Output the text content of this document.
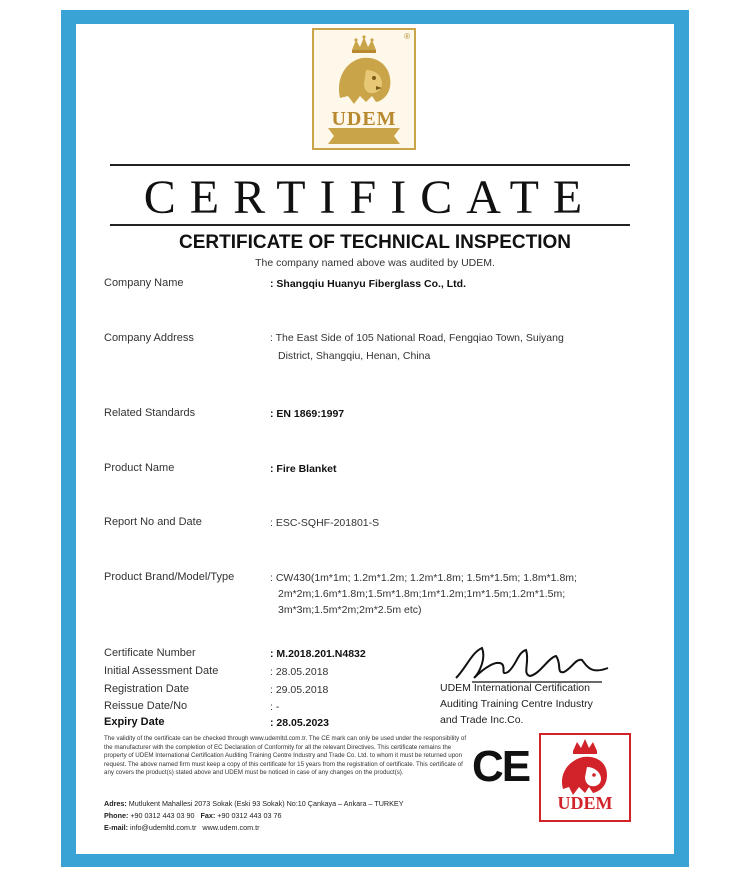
UDEM
®
CERTIFICATE
CERTIFICATE OF TECHNICAL INSPECTION
The company named above was audited by UDEM.
Company Name	: Shangqiu Huanyu Fiberglass Co., Ltd.
Company Address	: The East Side of 105 National Road, Fengqiao Town, Suiyang
District, Shangqiu, Henan, China
Related Standards	: EN 1869:1997
Product Name	: Fire Blanket
Report No and Date	: ESC-SQHF-201801-S
Product Brand/Model/Type	: CW430(1m*1m; 1.2m*1.2m; 1.2m*1.8m; 1.5m*1.5m; 1.8m*1.8m;
2m*2m;1.6m*1.8m;1.5m*1.8m;1m*1.2m;1m*1.5m;1.2m*1.5m;
3m*3m;1.5m*2m;2m*2.5m etc)
Certificate Number	: M.2018.201.N4832
Initial Assessment Date	: 28.05.2018
Registration Date	: 29.05.2018
Reissue Date/No	: -
Expiry Date	: 28.05.2023
UDEM International Certification
Auditing Training Centre Industry
and Trade Inc.Co.
The validity of the certificate can be checked through www.udemltd.com.tr. The CE mark can only be used under the responsibility of the manufacturer with the completion of EC Declaration of Conformity for all the relevant Directives. This certificate remains the property of UDEM International Certification Auditing Training Centre Industry and Trade Co. Ltd. to whom it must be returned upon request. The above named firm must keep a copy of this certificate for 15 years from the registration of certificate. This certificate of any covers the product(s) stated above and UDEM must be noticed in case of any changes on the product(s).
Adres: Mutlukent Mahallesi 2073 Sokak (Eski 93 Sokak) No:10 Çankaya – Ankara – TURKEY
Phone: +90 0312 443 03 90 Fax: +90 0312 443 03 76
E-mail: info@udemltd.com.tr www.udem.com.tr
CE
UDEM
